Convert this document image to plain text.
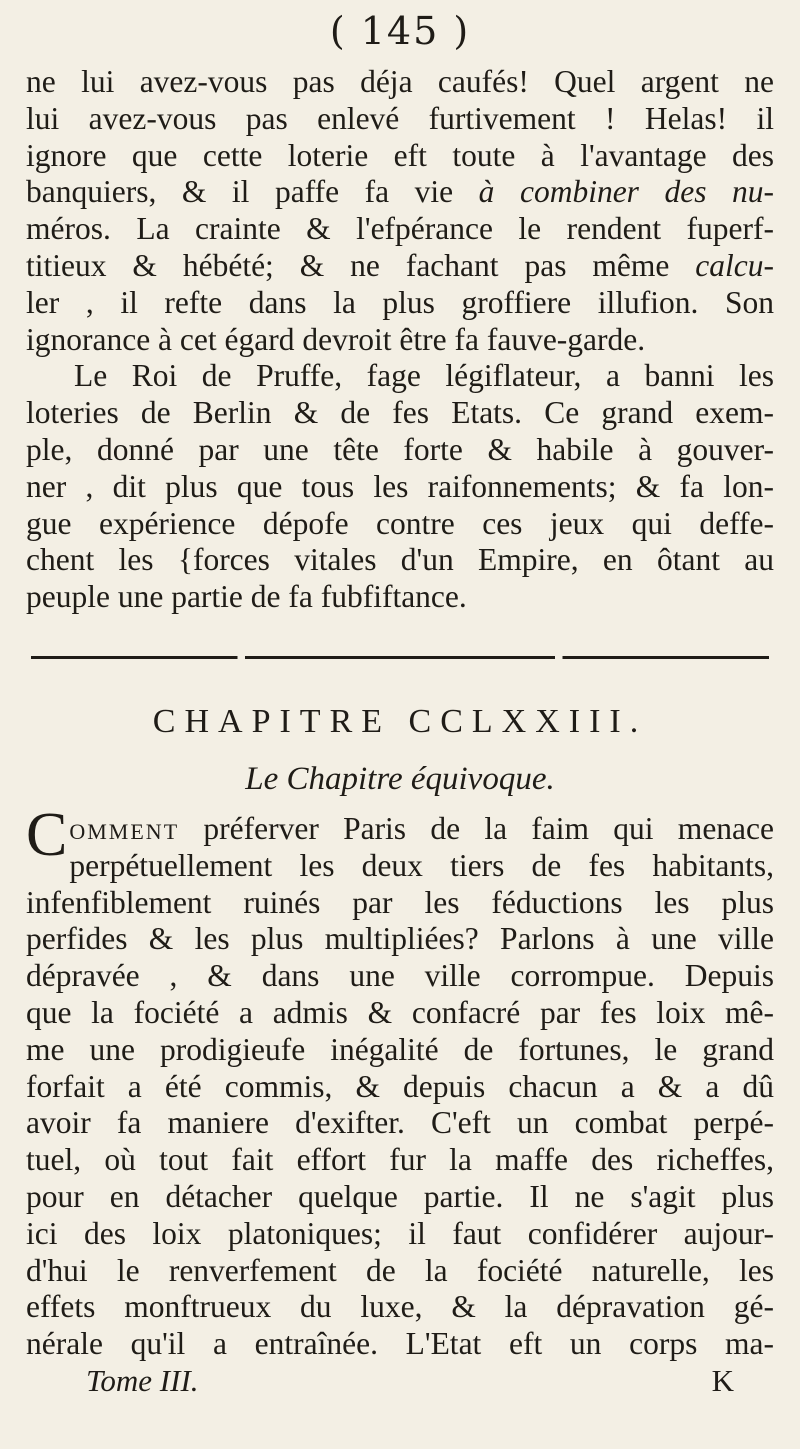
( 145 )

ne lui avez-vous pas déja caufés! Quel argent ne
lui avez-vous pas enlevé furtivement ! Helas! il
ignore que cette loterie eft toute à l'avantage des
banquiers, & il paffe fa vie à combiner des nu-
méros. La crainte & l'efpérance le rendent fuperf-
titieux & hébété; & ne fachant pas même calcu-
ler , il refte dans la plus groffiere illufion. Son
ignorance à cet égard devroit être fa fauve-garde.

Le Roi de Pruffe, fage légiflateur, a banni les
loteries de Berlin & de fes Etats. Ce grand exem-
ple, donné par une tête forte & habile à gouver-
ner , dit plus que tous les raifonnements; & fa lon-
gue expérience dépofe contre ces jeux qui deffe-
chent les {forces vitales d'un Empire, en ôtant au
peuple une partie de fa fubfiftance.

CHAPITRE CCLXXIII.
Le Chapitre équivoque.

Comment préferver Paris de la faim qui menace
perpétuellement les deux tiers de fes habitants,
infenfiblement ruinés par les féductions les plus
perfides & les plus multipliées? Parlons à une ville
dépravée , & dans une ville corrompue. Depuis
que la fociété a admis & confacré par fes loix mê-
me une prodigieufe inégalité de fortunes, le grand
forfait a été commis, & depuis chacun a & a dû
avoir fa maniere d'exifter. C'eft un combat perpé-
tuel, où tout fait effort fur la maffe des richeffes,
pour en détacher quelque partie. Il ne s'agit plus
ici des loix platoniques; il faut confidérer aujour-
d'hui le renverfement de la fociété naturelle, les
effets monftrueux du luxe, & la dépravation gé-
nérale qu'il a entraînée. L'Etat eft un corps ma-

Tome III.	K
